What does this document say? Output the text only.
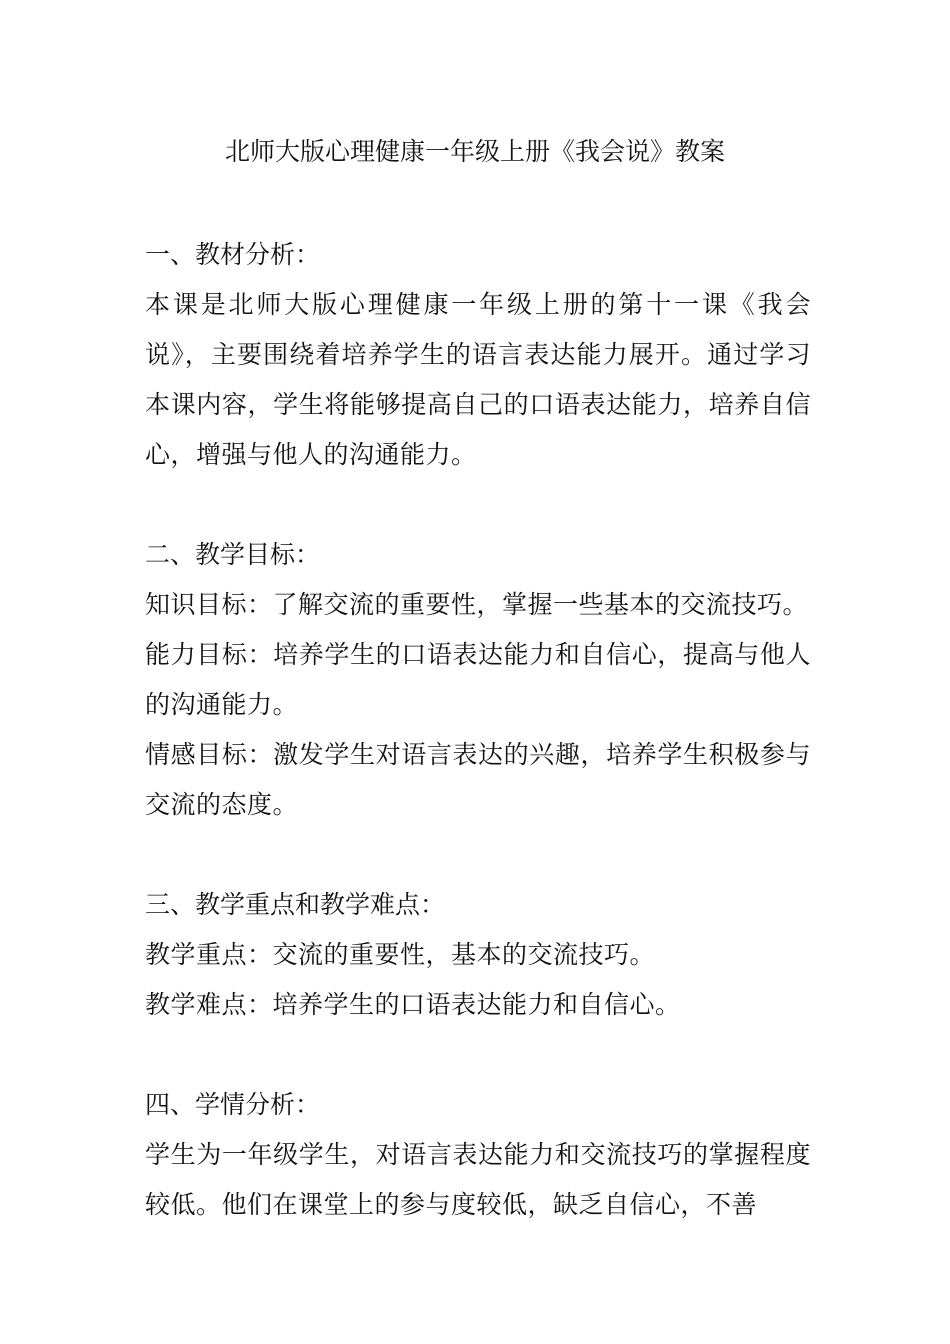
北师大版心理健康一年级上册《我会说》教案

一、教材分析：

本课是北师大版心理健康一年级上册的第十一课《我会说》，主要围绕着培养学生的语言表达能力展开。通过学习本课内容，学生将能够提高自己的口语表达能力，培养自信心，增强与他人的沟通能力。

二、教学目标：

知识目标：了解交流的重要性，掌握一些基本的交流技巧。

能力目标：培养学生的口语表达能力和自信心，提高与他人的沟通能力。

情感目标：激发学生对语言表达的兴趣，培养学生积极参与交流的态度。

三、教学重点和教学难点：

教学重点：交流的重要性，基本的交流技巧。

教学难点：培养学生的口语表达能力和自信心。

四、学情分析：

学生为一年级学生，对语言表达能力和交流技巧的掌握程度较低。他们在课堂上的参与度较低，缺乏自信心，不善
